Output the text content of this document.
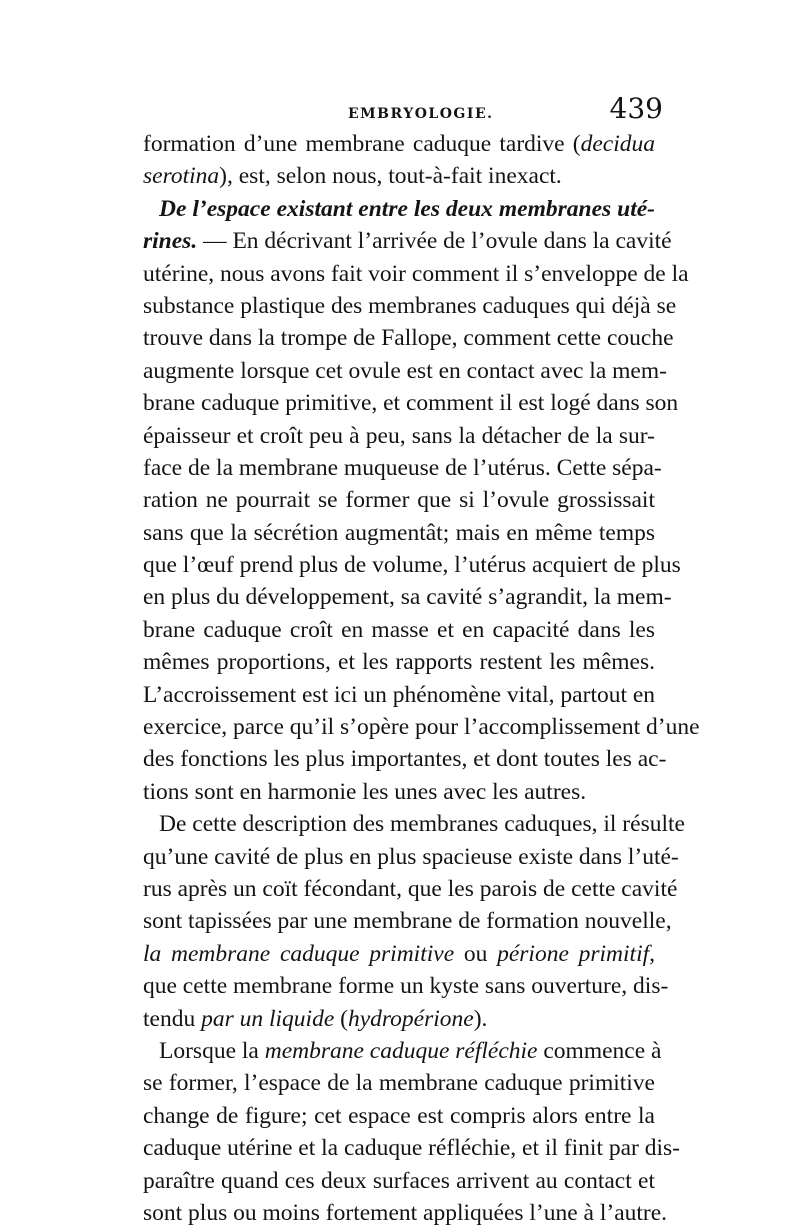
EMBRYOLOGIE.	439
formation d’une membrane caduque tardive (decidua
serotina), est, selon nous, tout-à-fait inexact.
De l’espace existant entre les deux membranes uté-
rines. — En décrivant l’arrivée de l’ovule dans la cavité
utérine, nous avons fait voir comment il s’enveloppe de la
substance plastique des membranes caduques qui déjà se
trouve dans la trompe de Fallope, comment cette couche
augmente lorsque cet ovule est en contact avec la mem-
brane caduque primitive, et comment il est logé dans son
épaisseur et croît peu à peu, sans la détacher de la sur-
face de la membrane muqueuse de l’utérus. Cette sépa-
ration ne pourrait se former que si l’ovule grossissait
sans que la sécrétion augmentât; mais en même temps
que l’œuf prend plus de volume, l’utérus acquiert de plus
en plus du développement, sa cavité s’agrandit, la mem-
brane caduque croît en masse et en capacité dans les
mêmes proportions, et les rapports restent les mêmes.
L’accroissement est ici un phénomène vital, partout en
exercice, parce qu’il s’opère pour l’accomplissement d’une
des fonctions les plus importantes, et dont toutes les ac-
tions sont en harmonie les unes avec les autres.
De cette description des membranes caduques, il résulte
qu’une cavité de plus en plus spacieuse existe dans l’uté-
rus après un coït fécondant, que les parois de cette cavité
sont tapissées par une membrane de formation nouvelle,
la membrane caduque primitive ou périone primitif,
que cette membrane forme un kyste sans ouverture, dis-
tendu par un liquide (hydropérione).
Lorsque la membrane caduque réfléchie commence à
se former, l’espace de la membrane caduque primitive
change de figure; cet espace est compris alors entre la
caduque utérine et la caduque réfléchie, et il finit par dis-
paraître quand ces deux surfaces arrivent au contact et
sont plus ou moins fortement appliquées l’une à l’autre.
